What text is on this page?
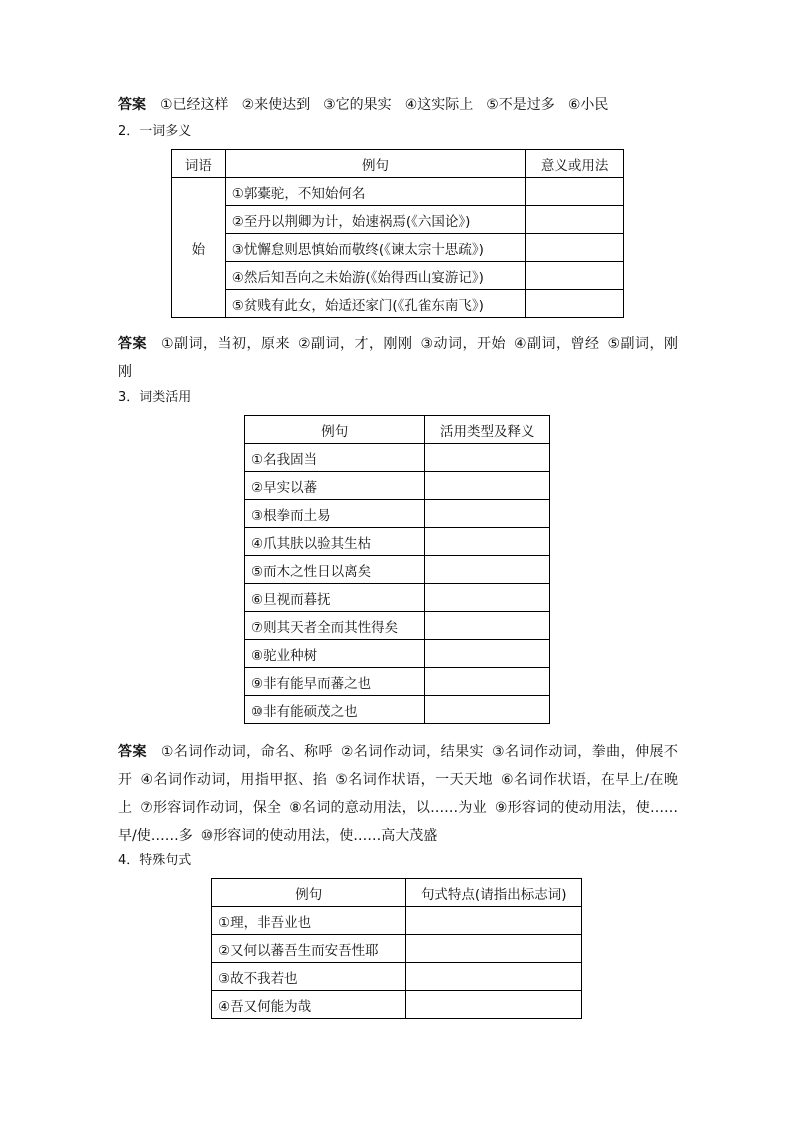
答案 ①已经这样 ②来使达到 ③它的果实 ④这实际上 ⑤不是过多 ⑥小民
2．一词多义
词语	例句	意义或用法
始	①郭橐驼，不知始何名	
	②至丹以荆卿为计，始速祸焉(《六国论》)	
	③忧懈怠则思慎始而敬终(《谏太宗十思疏》)	
	④然后知吾向之未始游(《始得西山宴游记》)	
	⑤贫贱有此女，始适还家门(《孔雀东南飞》)	
答案 ①副词，当初，原来 ②副词，才，刚刚 ③动词，开始 ④副词，曾经 ⑤副词，刚刚
3．词类活用
例句	活用类型及释义
①名我固当	
②早实以蕃	
③根拳而土易	
④爪其肤以验其生枯	
⑤而木之性日以离矣	
⑥旦视而暮抚	
⑦则其天者全而其性得矣	
⑧驼业种树	
⑨非有能早而蕃之也	
⑩非有能硕茂之也	
答案 ①名词作动词，命名、称呼 ②名词作动词，结果实 ③名词作动词，拳曲，伸展不开 ④名词作动词，用指甲抠、掐 ⑤名词作状语，一天天地 ⑥名词作状语，在早上/在晚上 ⑦形容词作动词，保全 ⑧名词的意动用法，以……为业 ⑨形容词的使动用法，使……早/使……多 ⑩形容词的使动用法，使……高大茂盛
4．特殊句式
例句	句式特点(请指出标志词)
①理，非吾业也	
②又何以蕃吾生而安吾性耶	
③故不我若也	
④吾又何能为哉	
